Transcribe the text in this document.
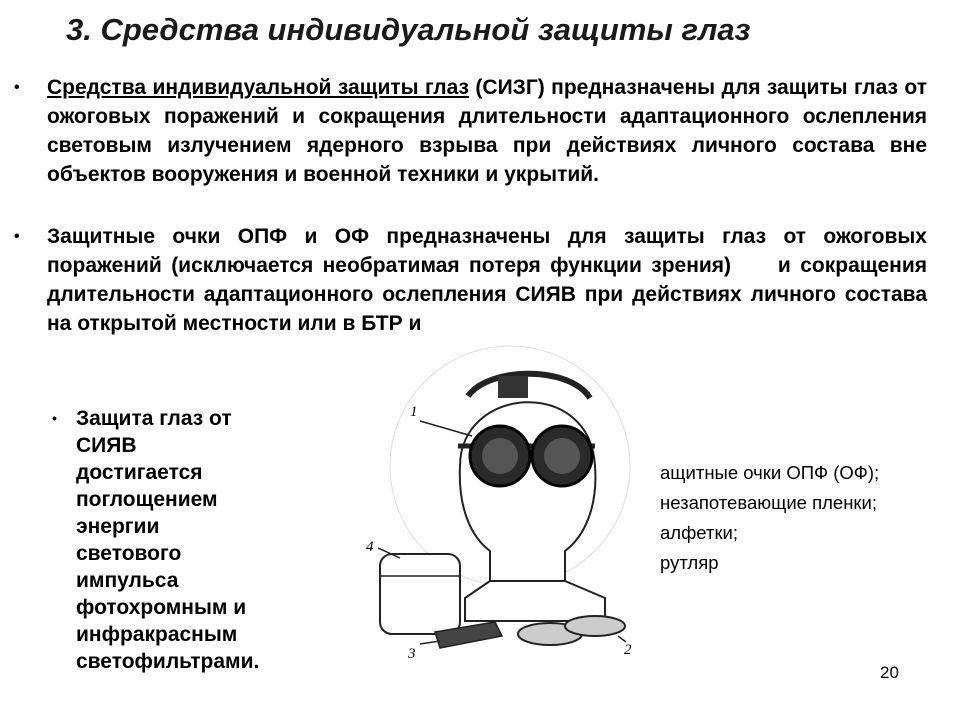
3. Средства индивидуальной защиты глаз
• Средства индивидуальной защиты глаз (СИЗГ) предназначены для защиты глаз от ожоговых поражений и сокращения длительности адаптационного ослепления световым излучением ядерного взрыва при действиях личного состава вне объектов вооружения и военной техники и укрытий.
• Защитные очки ОПФ и ОФ предназначены для защиты глаз от ожоговых поражений (исключается необратимая потеря функции зрения)     и сокращения длительности адаптационного ослепления СИЯВ при действиях личного состава на открытой местности или в БТР и
1
2
3
4
• Защита глаз от
СИЯВ
достигается
поглощением
энергии
светового
импульса
фотохромным и
инфракрасным
светофильтрами.
ащитные очки ОПФ (ОФ);
незапотевающие пленки;
алфетки;
рутляр
20
